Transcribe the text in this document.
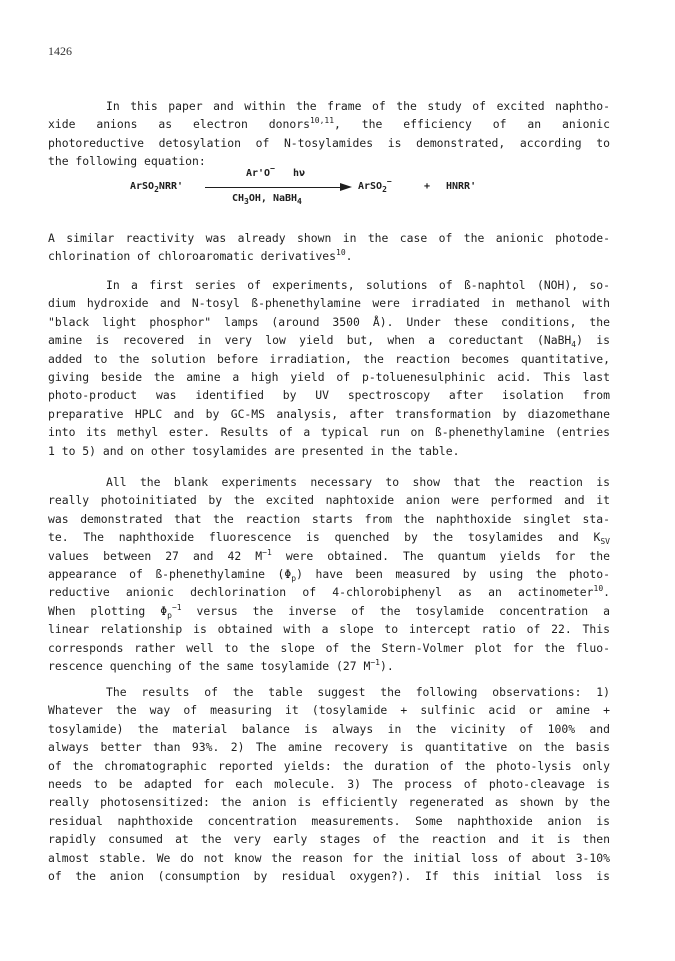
1426

In this paper and within the frame of the study of excited naphtho-
xide anions as electron donors$^{10,11}$, the efficiency of an anionic
photoreductive detosylation of N-tosylamides is demonstrated, according to
the following equation:

ArSO$_2$NRR'
Ar'O− hν
$CH_3OH$, NaBH$_4$
ArSO$_2$−	+ HNRR'

A similar reactivity was already shown in the case of the anionic photode-
chlorination of chloroaromatic derivatives$^{10}$.

In a first series of experiments, solutions of ß-naphtol (NOH), so-
dium hydroxide and N-tosyl ß-phenethylamine were irradiated in methanol with
"black light phosphor" lamps (around 3500 Å). Under these conditions, the
amine is recovered in very low yield but, when a coreductant (NaBH$_4$) is
added to the solution before irradiation, the reaction becomes quantitative,
giving beside the amine a high yield of p-toluenesulphinic acid. This last
photo-product was identified by UV spectroscopy after isolation from
preparative HPLC and by GC-MS analysis, after transformation by diazomethane
into its methyl ester. Results of a typical run on ß-phenethylamine (entries
1 to 5) and on other tosylamides are presented in the table.

All the blank experiments necessary to show that the reaction is
really photoinitiated by the excited naphtoxide anion were performed and it
was demonstrated that the reaction starts from the naphthoxide singlet sta-
te. The naphthoxide fluorescence is quenched by the tosylamides and $K_{SV}$
values between 27 and 42 $M^{-1}$ were obtained. The quantum yields for the
appearance of ß-phenethylamine $(\Phi_p)$ have been measured by using the photo-
reductive anionic dechlorination of 4-chlorobiphenyl as an actinometer$^{10}$.
When plotting $\Phi_p^{-1}$ versus the inverse of the tosylamide concentration a
linear relationship is obtained with a slope to intercept ratio of 22. This
corresponds rather well to the slope of the Stern-Volmer plot for the fluo-
rescence quenching of the same tosylamide (27 $M^{-1}$).

The results of the table suggest the following observations: 1)
Whatever the way of measuring it (tosylamide + sulfinic acid or amine +
tosylamide) the material balance is always in the vicinity of 100% and
always better than 93%. 2) The amine recovery is quantitative on the basis
of the chromatographic reported yields: the duration of the photo-lysis only
needs to be adapted for each molecule. 3) The process of photo-cleavage is
really photosensitized: the anion is efficiently regenerated as shown by the
residual naphthoxide concentration measurements. Some naphthoxide anion is
rapidly consumed at the very early stages of the reaction and it is then
almost stable. We do not know the reason for the initial loss of about 3-10%
of the anion (consumption by residual oxygen?). If this initial loss is
